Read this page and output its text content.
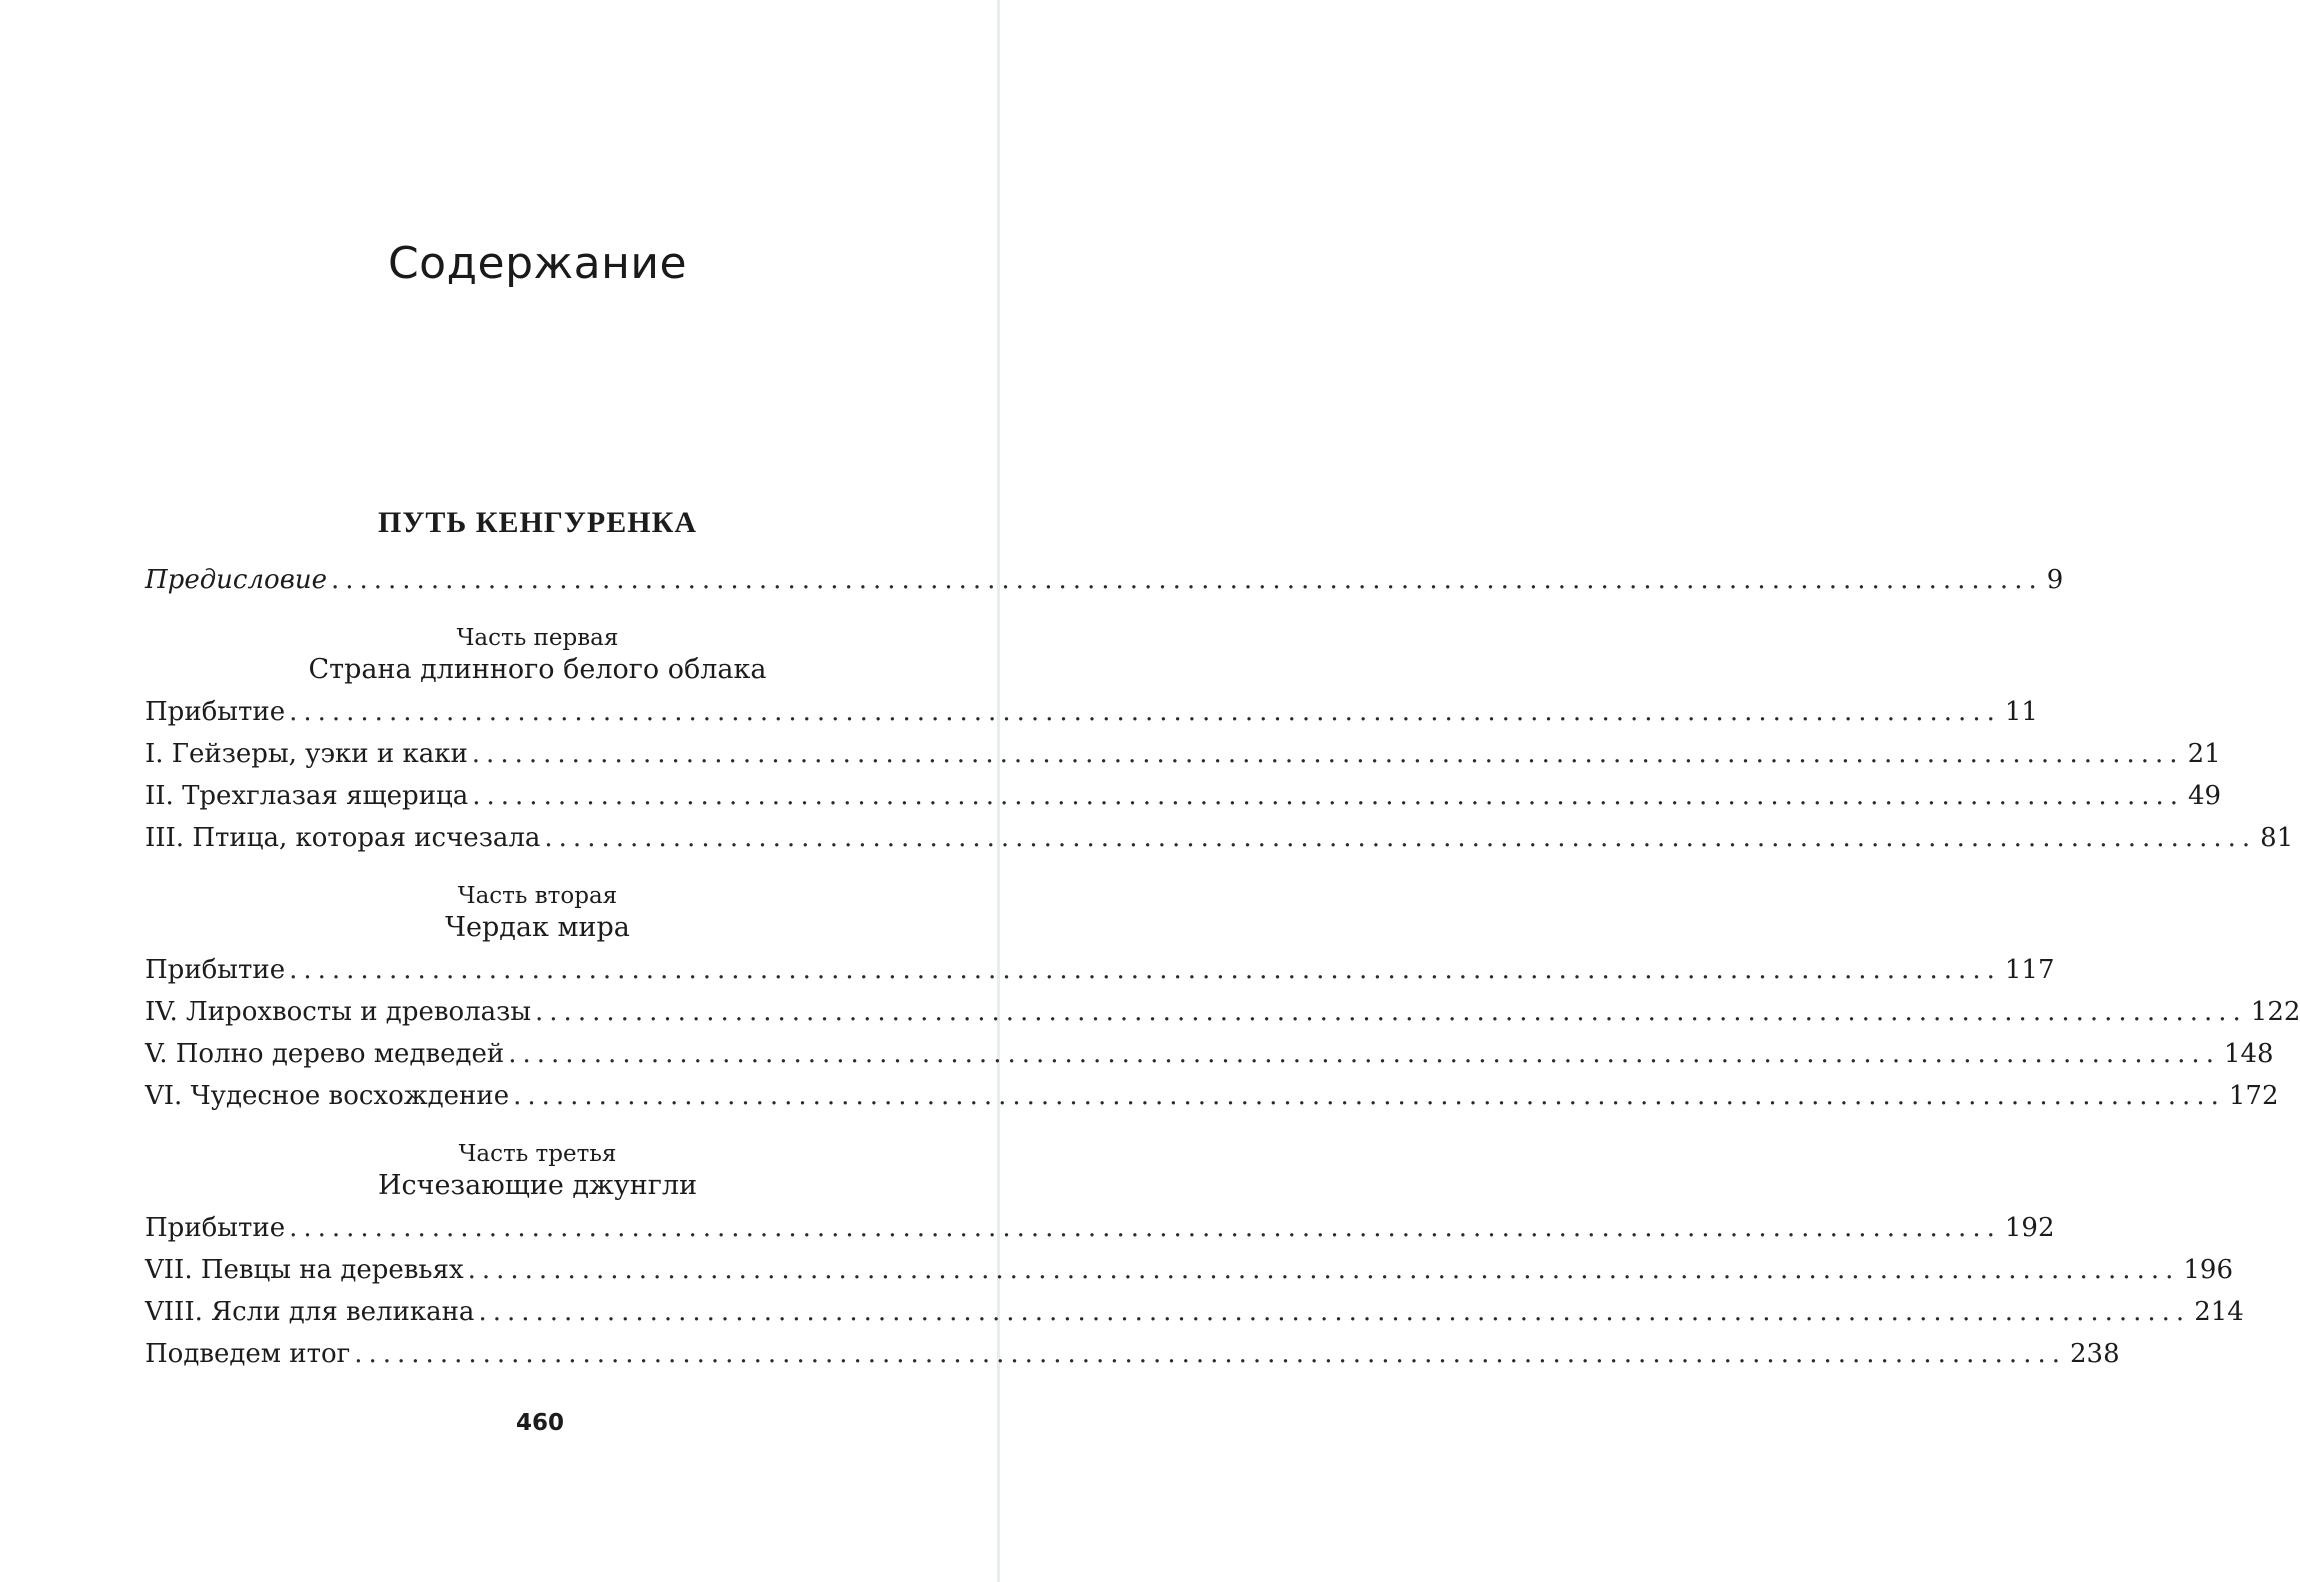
Содержание
ПУТЬ КЕНГУРЕНКА
Предисловие ........................................................................................................................ 9
Часть первая
Страна длинного белого облака
Прибытие ........................................................................................................................ 11
I. Гейзеры, уэки и каки ........................................................................................................................ 21
II. Трехглазая ящерица ........................................................................................................................ 49
III. Птица, которая исчезала ........................................................................................................................ 81
Часть вторая
Чердак мира
Прибытие ........................................................................................................................ 117
IV. Лирохвосты и древолазы ........................................................................................................................ 122
V. Полно дерево медведей ........................................................................................................................ 148
VI. Чудесное восхождение ........................................................................................................................ 172
Часть третья
Исчезающие джунгли
Прибытие ........................................................................................................................ 192
VII. Певцы на деревьях ........................................................................................................................ 196
VIII. Ясли для великана ........................................................................................................................ 214
Подведем итог ........................................................................................................................ 238
460
